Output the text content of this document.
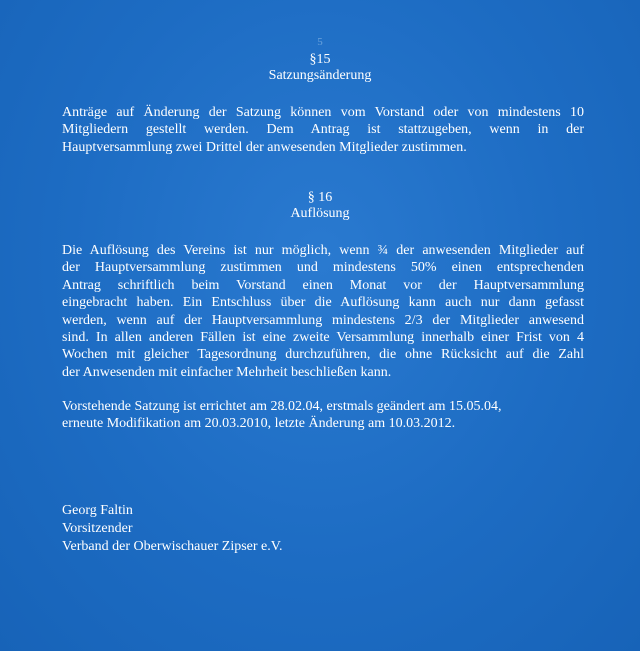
5
§15
Satzungsänderung
Anträge auf Änderung der Satzung können vom Vorstand oder von mindestens 10
Mitgliedern gestellt werden. Dem Antrag ist stattzugeben, wenn in der
Hauptversammlung zwei Drittel der anwesenden Mitglieder zustimmen.
§ 16
Auflösung
Die Auflösung des Vereins ist nur möglich, wenn ¾ der anwesenden Mitglieder auf
der Hauptversammlung zustimmen und mindestens 50% einen entsprechenden
Antrag schriftlich beim Vorstand einen Monat vor der Hauptversammlung
eingebracht haben. Ein Entschluss über die Auflösung kann auch nur dann gefasst
werden, wenn auf der Hauptversammlung mindestens 2/3 der Mitglieder anwesend
sind. In allen anderen Fällen ist eine zweite Versammlung innerhalb einer Frist von 4
Wochen mit gleicher Tagesordnung durchzuführen, die ohne Rücksicht auf die Zahl
der Anwesenden mit einfacher Mehrheit beschließen kann.
Vorstehende Satzung ist errichtet am 28.02.04, erstmals geändert am 15.05.04,
erneute Modifikation am 20.03.2010, letzte Änderung am 10.03.2012.
Georg Faltin
Vorsitzender
Verband der Oberwischauer Zipser e.V.
